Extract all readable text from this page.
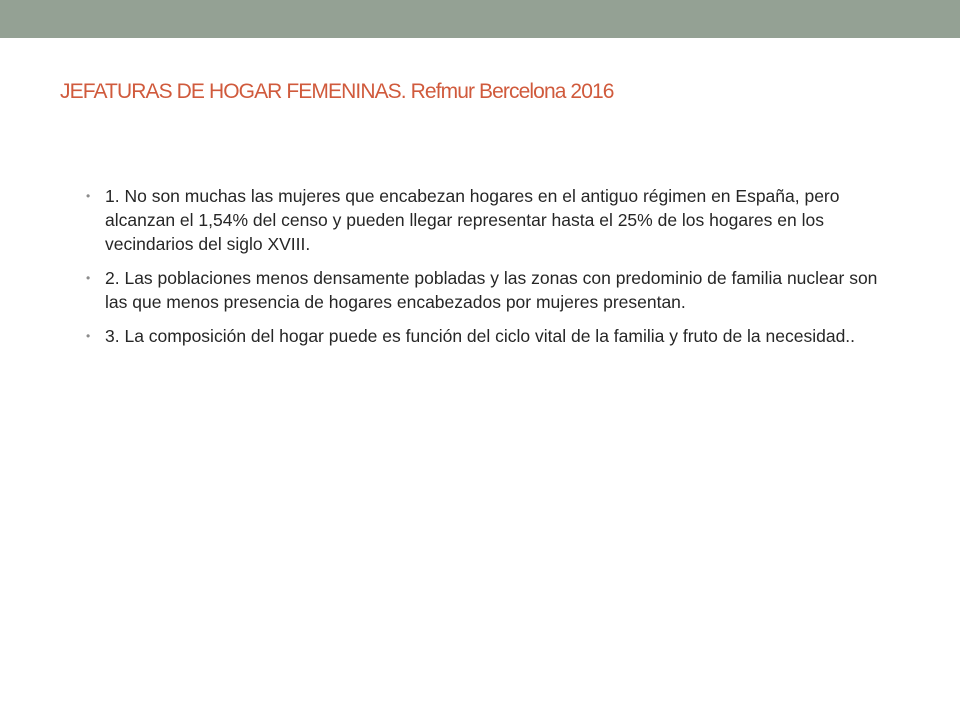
JEFATURAS DE HOGAR FEMENINAS. Refmur Bercelona 2016
• 1. No son muchas las mujeres que encabezan hogares en el antiguo régimen en España, pero alcanzan el 1,54% del censo y pueden llegar representar hasta el 25% de los hogares en los vecindarios del siglo XVIII.
• 2. Las poblaciones menos densamente pobladas y las zonas con predominio de familia nuclear son las que menos presencia de hogares encabezados por mujeres presentan.
• 3. La composición del hogar puede es función del ciclo vital de la familia y fruto de la necesidad..
